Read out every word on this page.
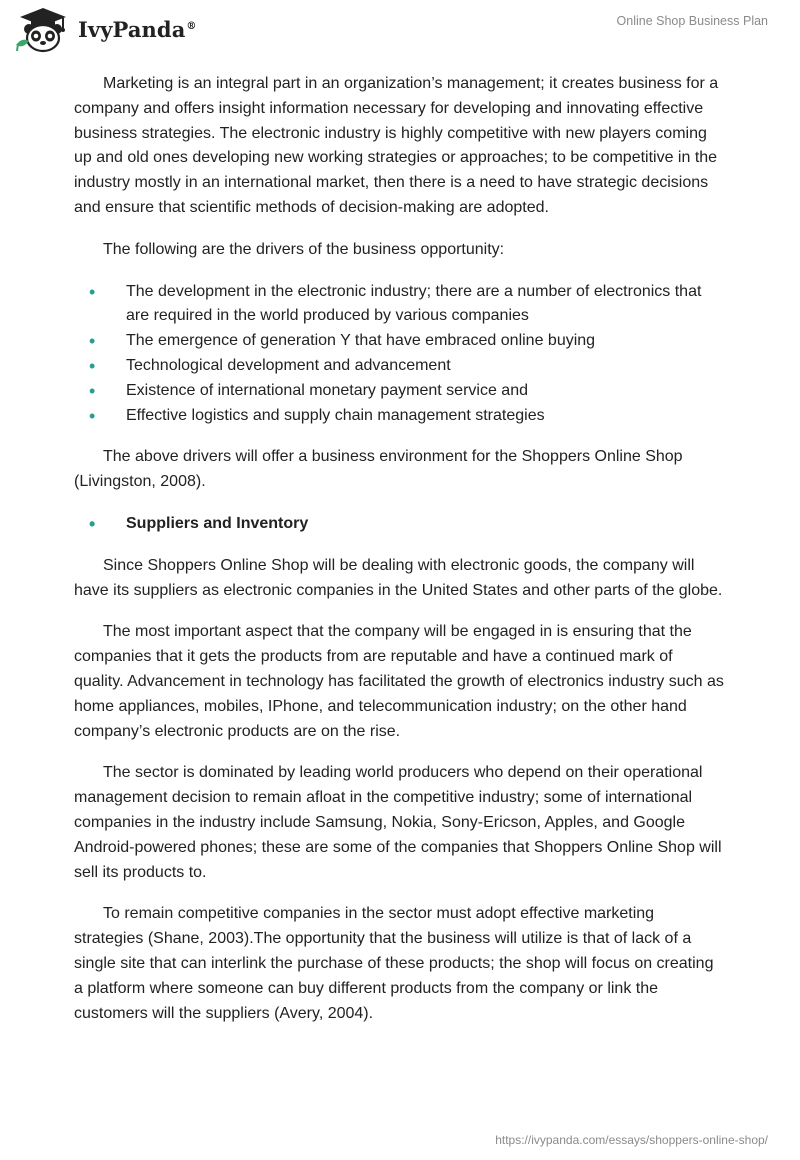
IvyPanda®	Online Shop Business Plan

Marketing is an integral part in an organization’s management; it creates business for a company and offers insight information necessary for developing and innovating effective business strategies. The electronic industry is highly competitive with new players coming up and old ones developing new working strategies or approaches; to be competitive in the industry mostly in an international market, then there is a need to have strategic decisions and ensure that scientific methods of decision-making are adopted.

The following are the drivers of the business opportunity:

• The development in the electronic industry; there are a number of electronics that are required in the world produced by various companies
• The emergence of generation Y that have embraced online buying
• Technological development and advancement
• Existence of international monetary payment service and
• Effective logistics and supply chain management strategies

The above drivers will offer a business environment for the Shoppers Online Shop (Livingston, 2008).

• Suppliers and Inventory

Since Shoppers Online Shop will be dealing with electronic goods, the company will have its suppliers as electronic companies in the United States and other parts of the globe.

The most important aspect that the company will be engaged in is ensuring that the companies that it gets the products from are reputable and have a continued mark of quality. Advancement in technology has facilitated the growth of electronics industry such as home appliances, mobiles, IPhone, and telecommunication industry; on the other hand company’s electronic products are on the rise.

The sector is dominated by leading world producers who depend on their operational management decision to remain afloat in the competitive industry; some of international companies in the industry include Samsung, Nokia, Sony-Ericson, Apples, and Google Android-powered phones; these are some of the companies that Shoppers Online Shop will sell its products to.

To remain competitive companies in the sector must adopt effective marketing strategies (Shane, 2003).The opportunity that the business will utilize is that of lack of a single site that can interlink the purchase of these products; the shop will focus on creating a platform where someone can buy different products from the company or link the customers will the suppliers (Avery, 2004).

https://ivypanda.com/essays/shoppers-online-shop/
